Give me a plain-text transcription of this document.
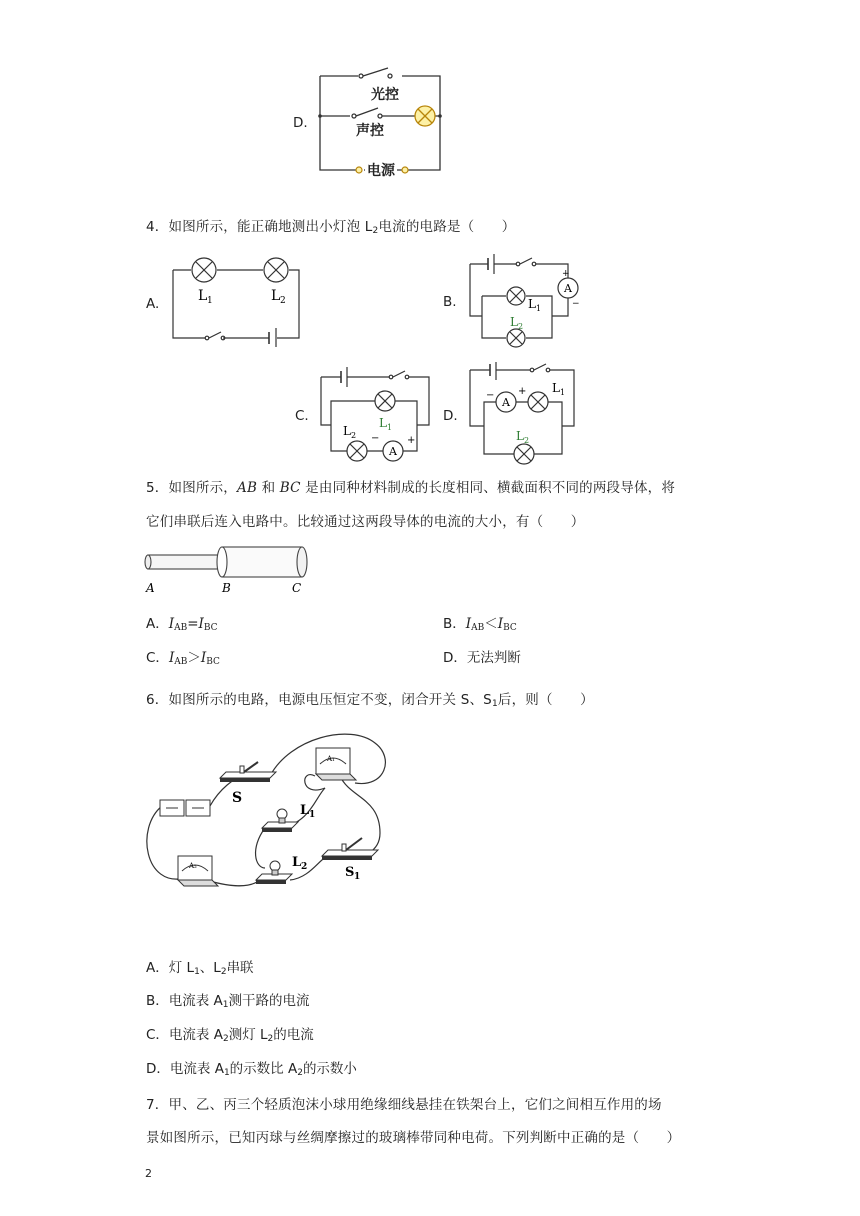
D.
光控
声控
电源
4．如图所示，能正确地测出小灯泡 $L_2$电流的电路是（　　）
A.	L 1	L 2	B.
A
+
−
L 1
L 2
C.	L 1
L 2
A
−	+
D.
A
− + L 1
L 2
5．如图所示，AB 和 BC 是由同种材料制成的长度相同、横截面积不同的两段导体，将
它们串联后连入电路中。比较通过这两段导体的电流的大小，有（　　）
A	B	C
A．$I_{AB}=I_{BC}$	B．$I_{AB}<I_{BC}$
C．$I_{AB}>I_{BC}$	D．无法判断
6．如图所示的电路，电源电压恒定不变，闭合开关 S、$S_1$后，则（　　）
A₁
A₂
S
L 1
L 2	S 1
A．灯 $L_1$、$L_2$串联
B．电流表 $A_1$测干路的电流
C．电流表 $A_2$测灯 $L_2$的电流
D．电流表 $A_1$的示数比 $A_2$的示数小
7．甲、乙、丙三个轻质泡沫小球用绝缘细线悬挂在铁架台上，它们之间相互作用的场
景如图所示，已知丙球与丝绸摩擦过的玻璃棒带同种电荷。下列判断中正确的是（　　）
2
